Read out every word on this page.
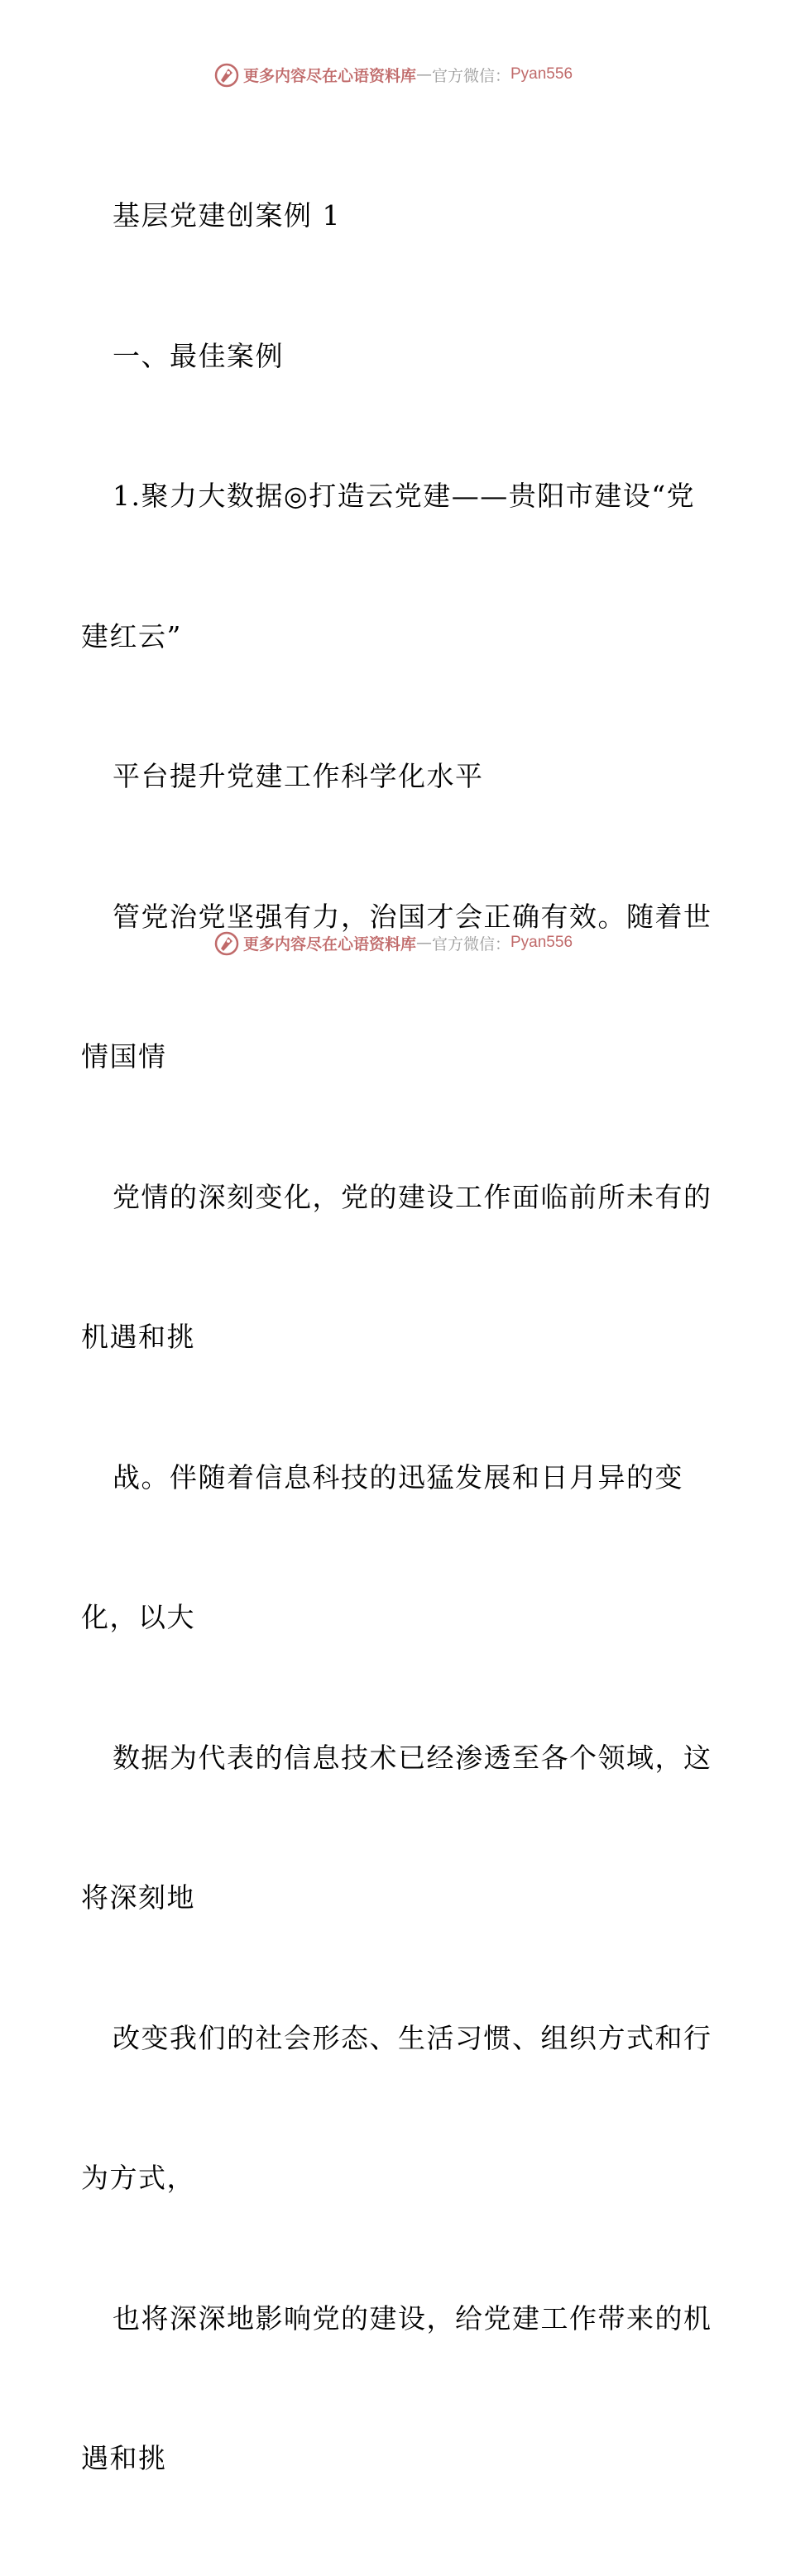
更多内容尽在心语资料库 — 官方微信： Pyan556

基层党建创案例 1

一、最佳案例

1.聚力大数据◎打造云党建——贵阳市建设“党

建红云”

平台提升党建工作科学化水平

管党治党坚强有力，治国才会正确有效。随着世

情国情

党情的深刻变化，党的建设工作面临前所未有的

机遇和挑

战。伴随着信息科技的迅猛发展和日月异的变

化，以大

数据为代表的信息技术已经渗透至各个领域，这

将深刻地

改变我们的社会形态、生活习惯、组织方式和行

为方式，

也将深深地影响党的建设，给党建工作带来的机

遇和挑

更多内容尽在心语资料库 — 官方微信： Pyan556
